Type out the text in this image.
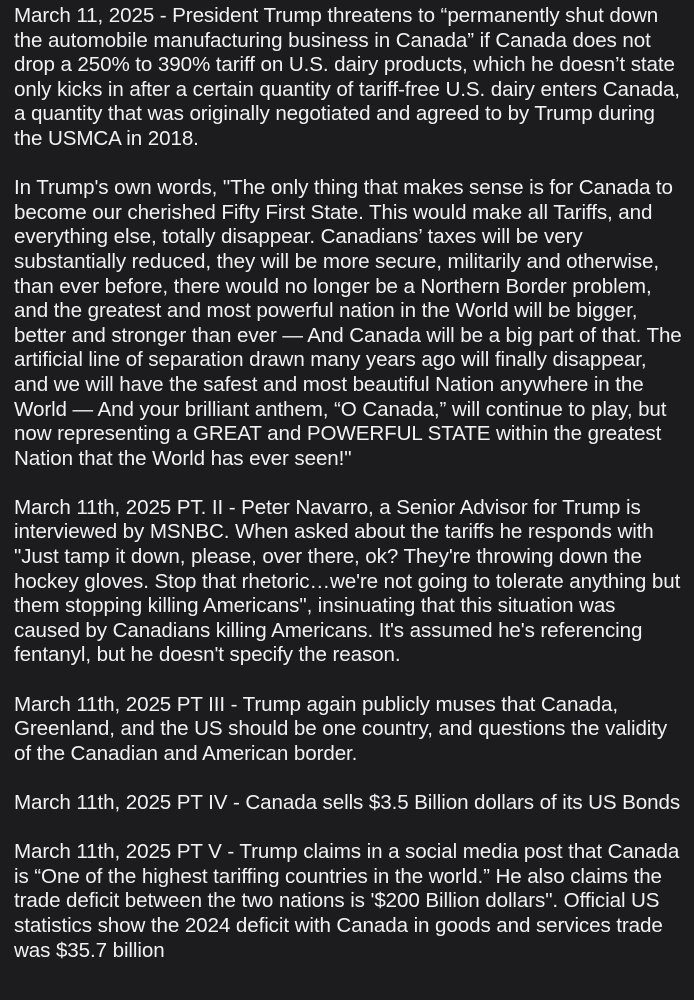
March 11, 2025 - President Trump threatens to “permanently shut down the automobile manufacturing business in Canada” if Canada does not drop a 250% to 390% tariff on U.S. dairy products, which he doesn’t state only kicks in after a certain quantity of tariff-free U.S. dairy enters Canada, a quantity that was originally negotiated and agreed to by Trump during the USMCA in 2018.

In Trump's own words, "The only thing that makes sense is for Canada to become our cherished Fifty First State. This would make all Tariffs, and everything else, totally disappear. Canadians’ taxes will be very substantially reduced, they will be more secure, militarily and otherwise, than ever before, there would no longer be a Northern Border problem, and the greatest and most powerful nation in the World will be bigger, better and stronger than ever — And Canada will be a big part of that. The artificial line of separation drawn many years ago will finally disappear, and we will have the safest and most beautiful Nation anywhere in the World — And your brilliant anthem, “O Canada,” will continue to play, but now representing a GREAT and POWERFUL STATE within the greatest Nation that the World has ever seen!"

March 11th, 2025 PT. II - Peter Navarro, a Senior Advisor for Trump is interviewed by MSNBC. When asked about the tariffs he responds with "Just tamp it down, please, over there, ok? They're throwing down the hockey gloves. Stop that rhetoric…we're not going to tolerate anything but them stopping killing Americans", insinuating that this situation was caused by Canadians killing Americans. It's assumed he's referencing fentanyl, but he doesn't specify the reason.

March 11th, 2025 PT III - Trump again publicly muses that Canada, Greenland, and the US should be one country, and questions the validity of the Canadian and American border.

March 11th, 2025 PT IV - Canada sells $3.5 Billion dollars of its US Bonds

March 11th, 2025 PT V - Trump claims in a social media post that Canada is “One of the highest tariffing countries in the world.” He also claims the trade deficit between the two nations is '$200 Billion dollars". Official US statistics show the 2024 deficit with Canada in goods and services trade was $35.7 billion
